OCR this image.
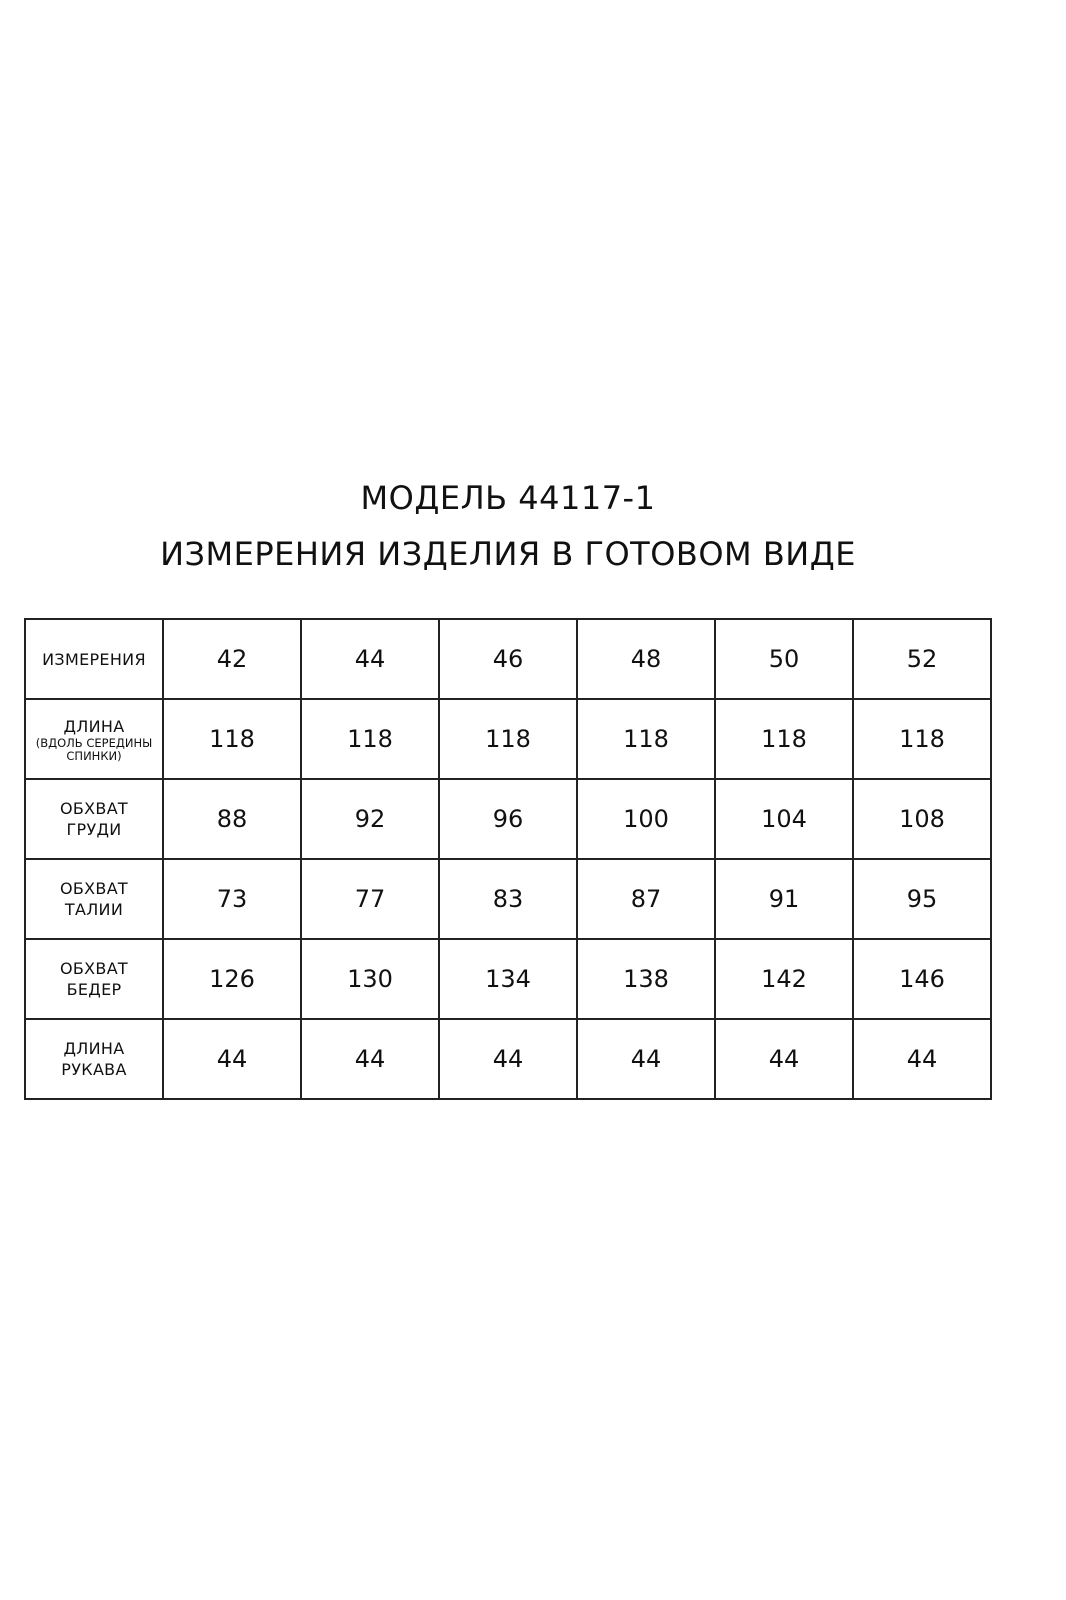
МОДЕЛЬ 44117-1
ИЗМЕРЕНИЯ ИЗДЕЛИЯ В ГОТОВОМ ВИДЕ
ИЗМЕРЕНИЯ	42	44	46	48	50	52
ДЛИНА
(ВДОЛЬ СЕРЕДИНЫ
СПИНКИ)	118	118	118	118	118	118
ОБХВАТ
ГРУДИ	88	92	96	100	104	108
ОБХВАТ
ТАЛИИ	73	77	83	87	91	95
ОБХВАТ
БЕДЕР	126	130	134	138	142	146
ДЛИНА
РУКАВА	44	44	44	44	44	44
